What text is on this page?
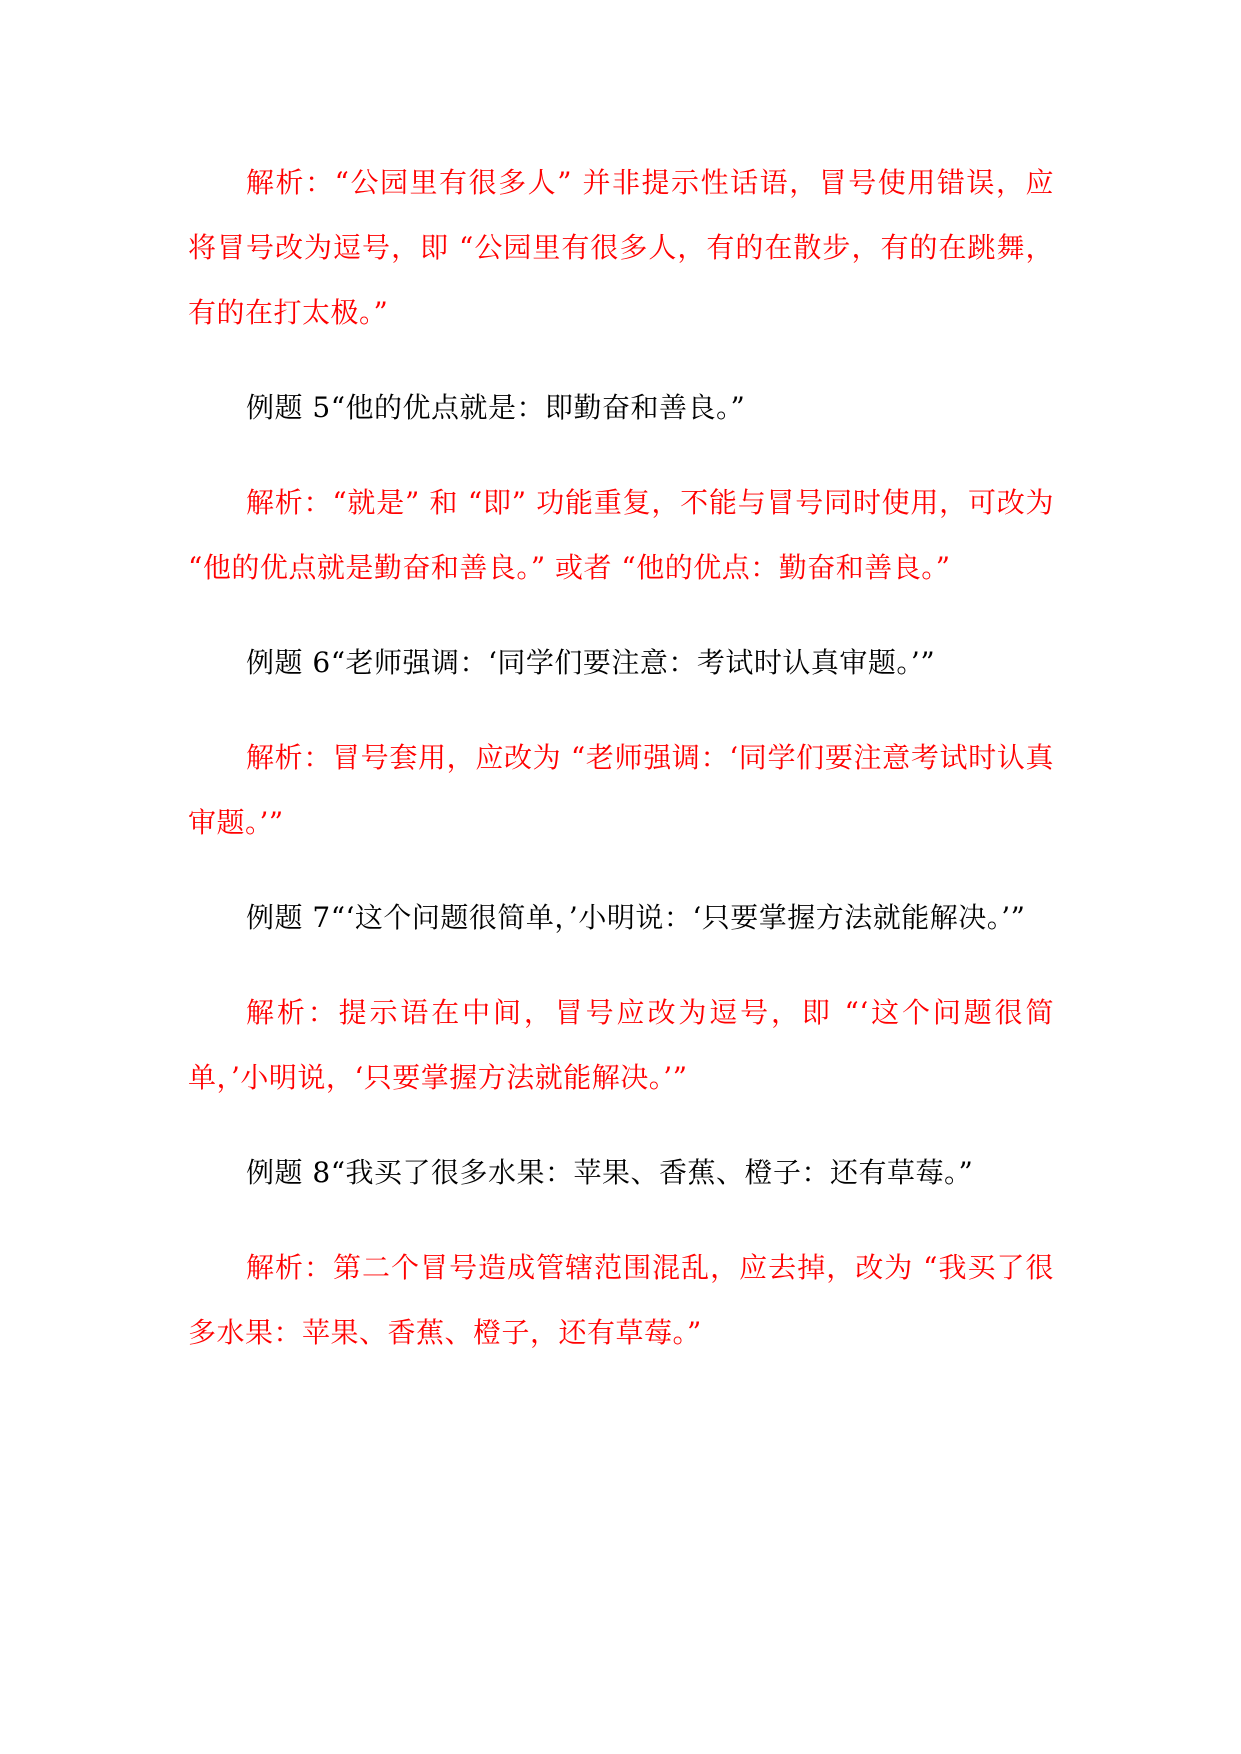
解析：“公园里有很多人” 并非提示性话语，冒号使用错误，应将冒号改为逗号，即 “公园里有很多人，有的在散步，有的在跳舞，有的在打太极。”

例题 5“他的优点就是：即勤奋和善良。”

解析：“就是” 和 “即” 功能重复，不能与冒号同时使用，可改为 “他的优点就是勤奋和善良。” 或者 “他的优点：勤奋和善良。”

例题 6“老师强调：‘同学们要注意：考试时认真审题。’”

解析：冒号套用，应改为 “老师强调：‘同学们要注意考试时认真审题。’”

例题 7“‘这个问题很简单，’小明说：‘只要掌握方法就能解决。’”

解析：提示语在中间，冒号应改为逗号，即 “‘这个问题很简单，’小明说，‘只要掌握方法就能解决。’”

例题 8“我买了很多水果：苹果、香蕉、橙子：还有草莓。”

解析：第二个冒号造成管辖范围混乱，应去掉，改为 “我买了很多水果：苹果、香蕉、橙子，还有草莓。”
